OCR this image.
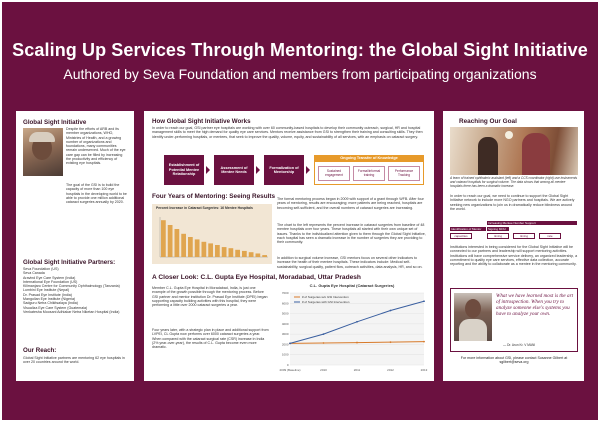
Scaling Up Services Through Mentoring: the Global Sight Initiative
Authored by Seva Foundation and members from participating organizations
Global Sight Initiative
Despite the efforts of ARB and its member organizations, WHO, Ministries of Health, and a growing number of organizations and foundations, many communities remain underserved. Much of the eye care gap can be filled by increasing the productivity and efficiency of existing eye hospitals.
The goal of the GSI is to build the capacity of more than 100 eye hospitals in the developing world to be able to provide one million additional cataract surgeries annually by 2020.
Global Sight Initiative Partners:
Seva Foundation (US)
Seva Canada
Aravind Eye Care System (India)
International Eye Foundation (US)
Kilimanjaro Centre for Community Ophthalmology (Tanzania)
Lumbini Eye Institute (Nepal)
Dr. Prasad Eye Institute (India)
Mangolian Eye Institute (Nigeria)
Sadguru Netra Chikitsalaya (India)
Visualiza Eye Care System (Guatemala)
Venkatesha Moosani Adhiakar Netra Niketan Hospital (India)
Our Reach:
Global Sight Initiative partners are mentoring 62 eye hospitals in over 20 countries around the world.
How Global Sight Initiative Works
In order to reach our goal, GSI partner eye hospitals are working with over 60 community-based hospitals to develop their community outreach, surgical, HR and hospital management skills to meet the high demand for quality eye care services. Mentors receive assistance from GSI to strengthen their training and consulting skills. They then identify under-performing hospitals, or mentees, that seek to improve the quality, volume, equity, and sustainability of all services, with an emphasis on cataract surgery.
Establishment of Potential Mentee Relationship
Assessment of Mentee Needs
Formalization of Mentorship
Ongoing Transfer of Knowledge
Sustained engagement
Formal/informal training
Performance Tracking
Four Years of Mentoring: Seeing Results
Percent Increase in Cataract Surgeries: 16 Mentee Hospitals
The formal mentoring process began in 2009 with support of a grant through WFB. After four years of mentoring, results are encouraging; more patients are being reached, hospitals are becoming self-sufficient, and the overall numbers of cataract surgeries are increasing.
The chart to the left represents the percent increase in cataract surgeries from baseline of 48 mentee hospitals over four years. These hospitals all started with their own unique set of issues. Thanks to the individualized attention given to them through the Global Sight Initiative, each hospital has seen a dramatic increase in the number of surgeries they are providing to their community.
In addition to surgical volume increase, GSI mentors focus on several other indicators to increase the health of their mentee hospitals. These indicators include: Medical self-sustainability, surgical quality, patient flow, outreach activities, data analysis, HR, and so on.
A Closer Look: C.L. Gupta Eye Hospital, Moradabad, Uttar Pradesh
Member C.L. Gupta Eye Hospital in Moradabad, India, is just one example of the growth possible through the mentoring process. Before GSI partner and mentor institution Dr. Prasad Eye Institute (DPEI) began supporting capacity building activities with this hospital, they were performing a little over 2000 cataract surgeries a year.
Four years later, with a strategic plan in place and additional support from LVPEI, CL Gupta now performs over 6000 cataract surgeries a year. When compared with the cataract surgical rate (CSR) increase in India (2% year-over-year), the results of C.L. Gupta become even more dramatic.
C.L. Gupta Eye Hospital (Cataract Surgeries)
0
1000
2000
3000
4000
5000
6000
7000
2009 (Baseline)	2010	2011	2012	2013
# of Surgeries w/o GSI Intervention
# of Surgeries with GSI Intervention
Reaching Our Goal
A team of trained ophthalmic assistant (left) and a CCS coordinator (right) use instruments and cataract hospitals for surgical volume. The data shows that among all mentee hospitals there has been a dramatic increase.
In order to reach our goal, we need to continue to support the Global Sight Initiative network to include more NGO partners and hospitals. We are actively seeking new organizations to join us in dramatically reduce blindness around the world.
Increasing Mentee Number Support
Identification of Mentor	Signing MOU
capacities	timing	timing	rate
Institutions interested in being considered for the Global Sight Initiative will be connected to our partners and leadership will support mentoring activities. Institutions will have comprehensive service delivery, an organized leadership, a commitment to quality eye care services, effective data collection, accurate reporting and the ability to collaborate as a mentee in the mentoring community.
What we have learned most is the art of introspection. When you try to analyze someone else's systems you have to analyze your own.
— Dr. Arun Kr. V MANI
For more information about GSI, please contact Susanne Gilbert at sgilbert@seva.org
